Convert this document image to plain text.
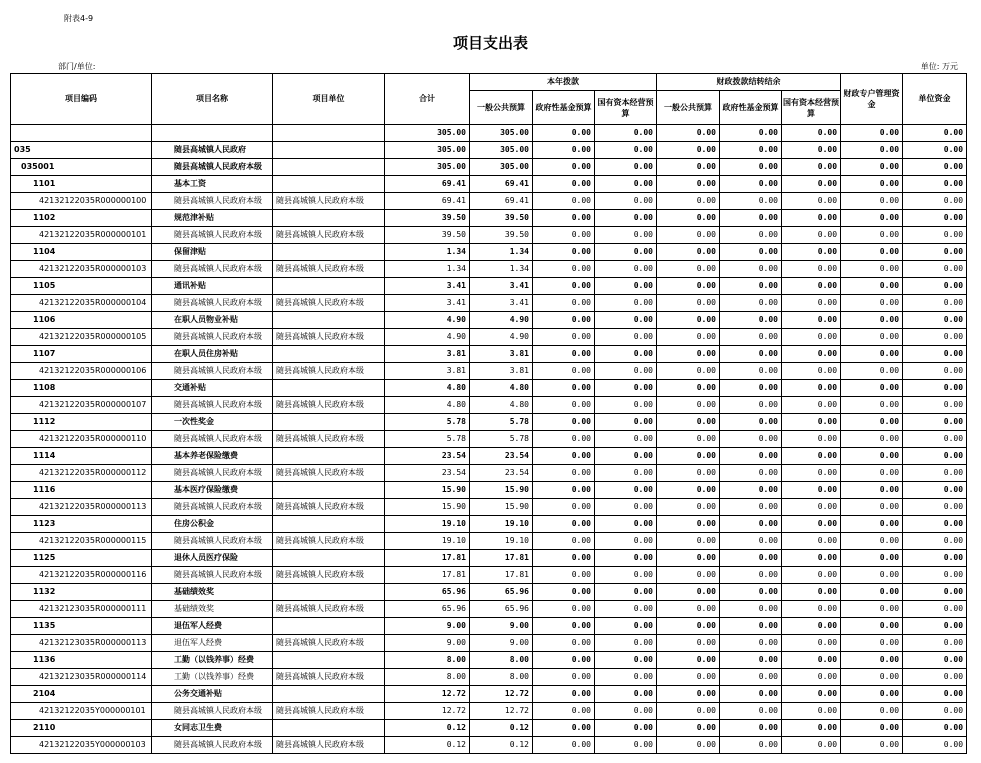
附表4-9
项目支出表
部门/单位:	单位: 万元
项目编码	项目名称	项目单位	合计	本年拨款			财政拨款结转结余			财政专户管理资金	单位资金
				一般公共预算	政府性基金预算	国有资本经营预算	一般公共预算	政府性基金预算	国有资本经营预算		
			305.00	305.00	0.00	0.00	0.00	0.00	0.00	0.00	0.00
035	随县高城镇人民政府		305.00	305.00	0.00	0.00	0.00	0.00	0.00	0.00	0.00
035001	随县高城镇人民政府本级		305.00	305.00	0.00	0.00	0.00	0.00	0.00	0.00	0.00
1101	基本工资		69.41	69.41	0.00	0.00	0.00	0.00	0.00	0.00	0.00
42132122035R000000100	随县高城镇人民政府本级	随县高城镇人民政府本级	69.41	69.41	0.00	0.00	0.00	0.00	0.00	0.00	0.00
1102	规范津补贴		39.50	39.50	0.00	0.00	0.00	0.00	0.00	0.00	0.00
42132122035R000000101	随县高城镇人民政府本级	随县高城镇人民政府本级	39.50	39.50	0.00	0.00	0.00	0.00	0.00	0.00	0.00
1104	保留津贴		1.34	1.34	0.00	0.00	0.00	0.00	0.00	0.00	0.00
42132122035R000000103	随县高城镇人民政府本级	随县高城镇人民政府本级	1.34	1.34	0.00	0.00	0.00	0.00	0.00	0.00	0.00
1105	通讯补贴		3.41	3.41	0.00	0.00	0.00	0.00	0.00	0.00	0.00
42132122035R000000104	随县高城镇人民政府本级	随县高城镇人民政府本级	3.41	3.41	0.00	0.00	0.00	0.00	0.00	0.00	0.00
1106	在职人员物业补贴		4.90	4.90	0.00	0.00	0.00	0.00	0.00	0.00	0.00
42132122035R000000105	随县高城镇人民政府本级	随县高城镇人民政府本级	4.90	4.90	0.00	0.00	0.00	0.00	0.00	0.00	0.00
1107	在职人员住房补贴		3.81	3.81	0.00	0.00	0.00	0.00	0.00	0.00	0.00
42132122035R000000106	随县高城镇人民政府本级	随县高城镇人民政府本级	3.81	3.81	0.00	0.00	0.00	0.00	0.00	0.00	0.00
1108	交通补贴		4.80	4.80	0.00	0.00	0.00	0.00	0.00	0.00	0.00
42132122035R000000107	随县高城镇人民政府本级	随县高城镇人民政府本级	4.80	4.80	0.00	0.00	0.00	0.00	0.00	0.00	0.00
1112	一次性奖金		5.78	5.78	0.00	0.00	0.00	0.00	0.00	0.00	0.00
42132122035R000000110	随县高城镇人民政府本级	随县高城镇人民政府本级	5.78	5.78	0.00	0.00	0.00	0.00	0.00	0.00	0.00
1114	基本养老保险缴费		23.54	23.54	0.00	0.00	0.00	0.00	0.00	0.00	0.00
42132122035R000000112	随县高城镇人民政府本级	随县高城镇人民政府本级	23.54	23.54	0.00	0.00	0.00	0.00	0.00	0.00	0.00
1116	基本医疗保险缴费		15.90	15.90	0.00	0.00	0.00	0.00	0.00	0.00	0.00
42132122035R000000113	随县高城镇人民政府本级	随县高城镇人民政府本级	15.90	15.90	0.00	0.00	0.00	0.00	0.00	0.00	0.00
1123	住房公积金		19.10	19.10	0.00	0.00	0.00	0.00	0.00	0.00	0.00
42132122035R000000115	随县高城镇人民政府本级	随县高城镇人民政府本级	19.10	19.10	0.00	0.00	0.00	0.00	0.00	0.00	0.00
1125	退休人员医疗保险		17.81	17.81	0.00	0.00	0.00	0.00	0.00	0.00	0.00
42132122035R000000116	随县高城镇人民政府本级	随县高城镇人民政府本级	17.81	17.81	0.00	0.00	0.00	0.00	0.00	0.00	0.00
1132	基础绩效奖		65.96	65.96	0.00	0.00	0.00	0.00	0.00	0.00	0.00
42132123035R000000111	基础绩效奖	随县高城镇人民政府本级	65.96	65.96	0.00	0.00	0.00	0.00	0.00	0.00	0.00
1135	退伍军人经费		9.00	9.00	0.00	0.00	0.00	0.00	0.00	0.00	0.00
42132123035R000000113	退伍军人经费	随县高城镇人民政府本级	9.00	9.00	0.00	0.00	0.00	0.00	0.00	0.00	0.00
1136	工勤（以钱养事）经费		8.00	8.00	0.00	0.00	0.00	0.00	0.00	0.00	0.00
42132123035R000000114	工勤（以钱养事）经费	随县高城镇人民政府本级	8.00	8.00	0.00	0.00	0.00	0.00	0.00	0.00	0.00
2104	公务交通补贴		12.72	12.72	0.00	0.00	0.00	0.00	0.00	0.00	0.00
42132122035Y000000101	随县高城镇人民政府本级	随县高城镇人民政府本级	12.72	12.72	0.00	0.00	0.00	0.00	0.00	0.00	0.00
2110	女同志卫生费		0.12	0.12	0.00	0.00	0.00	0.00	0.00	0.00	0.00
42132122035Y000000103	随县高城镇人民政府本级	随县高城镇人民政府本级	0.12	0.12	0.00	0.00	0.00	0.00	0.00	0.00	0.00
